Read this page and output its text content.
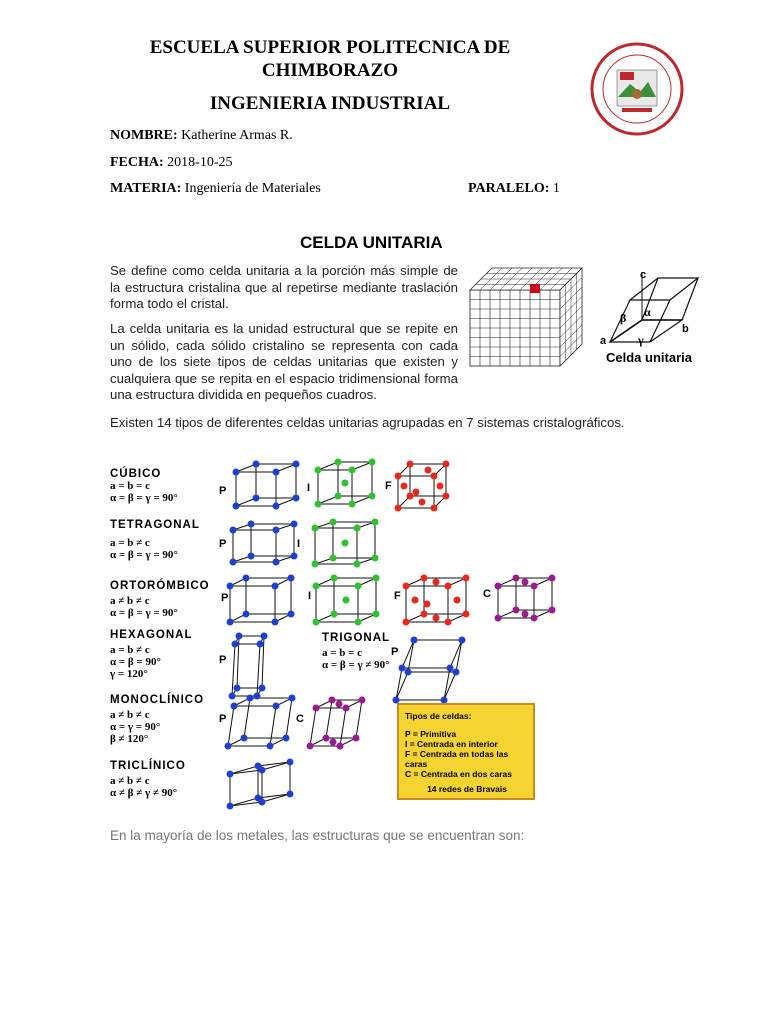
ESCUELA SUPERIOR POLITECNICA DE
CHIMBORAZO
INGENIERIA INDUSTRIAL
NOMBRE: Katherine Armas R.
FECHA: 2018-10-25
MATERIA: Ingeniería de Materiales	PARALELO: 1
CELDA UNITARIA
Se define como celda unitaria a la porción más simple de la estructura cristalina que al repetirse mediante traslación forma todo el cristal.
La celda unitaria es la unidad estructural que se repite en un sólido, cada sólido cristalino se representa con cada uno de los siete tipos de celdas unitarias que existen y cualquiera que se repita en el espacio tridimensional forma una estructura dividida en pequeños cuadros.
Existen 14 tipos de diferentes celdas unitarias agrupadas en 7 sistemas cristalográficos.
c
a
b
β α
γ
Celda unitaria
CÚBICO
a = b = c
α = β = γ = 90°
TETRAGONAL
a = b ≠ c
α = β = γ = 90°
ORTORÓMBICO
a ≠ b ≠ c
α = β = γ = 90°
HEXAGONAL
a = b ≠ c
α = β = 90°
γ = 120°
TRIGONAL
a = b = c
α = β = γ ≠ 90°
MONOCLÍNICO
a ≠ b ≠ c
α = γ = 90°
β ≠ 120°
TRICLÍNICO
a ≠ b ≠ c
α ≠ β ≠ γ ≠ 90°
P	I	F
P	I
P	I	F	C
P
P
P	C	Tipos de celdas:
P = Primitiva
I = Centrada en interior
F = Centrada en todas las caras
C = Centrada en dos caras
14 redes de Bravais
En la mayoría de los metales, las estructuras que se encuentran son:
